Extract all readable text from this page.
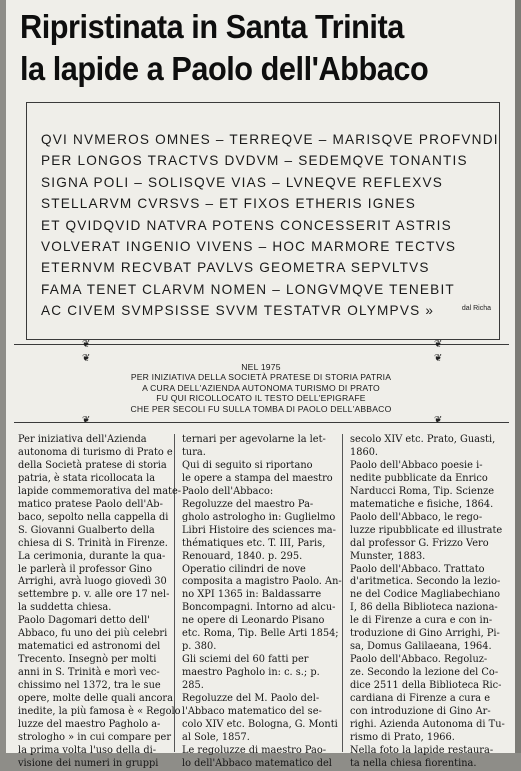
Ripristinata in Santa Trinita
la lapide a Paolo dell'Abbaco
QVI NVMEROS OMNES – TERREQVE – MARISQVE PROFVNDI
PER LONGOS TRACTVS DVDVM – SEDEMQVE TONANTIS
SIGNA POLI – SOLISQVE VIAS – LVNEQVE REFLEXVS
STELLARVM CVRSVS – ET FIXOS ETHERIS IGNES
ET QVIDQVID NATVRA POTENS CONCESSERIT ASTRIS
VOLVERAT INGENIO VIVENS – HOC MARMORE TECTVS
ETERNVM RECVBAT PAVLVS GEOMETRA SEPVLTVS
FAMA TENET CLARVM NOMEN – LONGVMQVE TENEBIT
AC CIVEM SVMPSISSE SVVM TESTATVR OLYMPVS »	dal Richa
❦	❦
❦	❦
NEL 1975
PER INIZIATIVA DELLA SOCIETÀ PRATESE DI STORIA PATRIA
A CURA DELL'AZIENDA AUTONOMA TURISMO DI PRATO
FU QUI RICOLLOCATO IL TESTO DELL'EPIGRAFE
CHE PER SECOLI FU SULLA TOMBA DI PAOLO DELL'ABBACO
❦	❦
Per iniziativa dell'Azienda
autonoma di turismo di Prato e
della Società pratese di storia
patria, è stata ricollocata la
lapide commemorativa del mate-
matico pratese Paolo dell'Ab-
baco, sepolto nella cappella di
S. Giovanni Gualberto della
chiesa di S. Trinità in Firenze.
La cerimonia, durante la qua-
le parlerà il professor Gino
Arrighi, avrà luogo giovedì 30
settembre p. v. alle ore 17 nel-
la suddetta chiesa.
Paolo Dagomari detto dell'
Abbaco, fu uno dei più celebri
matematici ed astronomi del
Trecento. Insegnò per molti
anni in S. Trinità e morì vec-
chissimo nel 1372, tra le sue
opere, molte delle quali ancora
inedite, la più famosa è « Regolo
luzze del maestro Pagholo a-
strologho » in cui compare per
la prima volta l'uso della di-
visione dei numeri in gruppi
ternari per agevolarne la let-
tura.
Qui di seguito si riportano
le opere a stampa del maestro
Paolo dell'Abbaco:
Regoluzze del maestro Pa-
gholo astrologho in: Guglielmo
Libri Histoire des sciences ma-
thématiques etc. T. III, Paris,
Renouard, 1840. p. 295.
Operatio cilindri de nove
composita a magistro Paolo. An-
no XPI 1365 in: Baldassarre
Boncompagni. Intorno ad alcu-
ne opere di Leonardo Pisano
etc. Roma, Tip. Belle Arti 1854;
p. 380.
Gli sciemi del 60 fatti per
maestro Pagholo in: c. s.; p.
285.
Regoluzze del M. Paolo del-
l'Abbaco matematico del se-
colo XIV etc. Bologna, G. Monti
al Sole, 1857.
Le regoluzze di maestro Pao-
lo dell'Abbaco matematico del
secolo XIV etc. Prato, Guasti,
1860.
Paolo dell'Abbaco poesie i-
nedite pubblicate da Enrico
Narducci Roma, Tip. Scienze
matematiche e fisiche, 1864.
Paolo dell'Abbaco, le rego-
luzze ripubblicate ed illustrate
dal professor G. Frizzo Vero
Munster, 1883.
Paolo dell'Abbaco. Trattato
d'aritmetica. Secondo la lezio-
ne del Codice Magliabechiano
I, 86 della Biblioteca naziona-
le di Firenze a cura e con in-
troduzione di Gino Arrighi, Pi-
sa, Domus Galilaeana, 1964.
Paolo dell'Abbaco. Regoluz-
ze. Secondo la lezione del Co-
dice 2511 della Biblioteca Ric-
cardiana di Firenze a cura e
con introduzione di Gino Ar-
righi. Azienda Autonoma di Tu-
rismo di Prato, 1966.
Nella foto la lapide restaura-
ta nella chiesa fiorentina.
